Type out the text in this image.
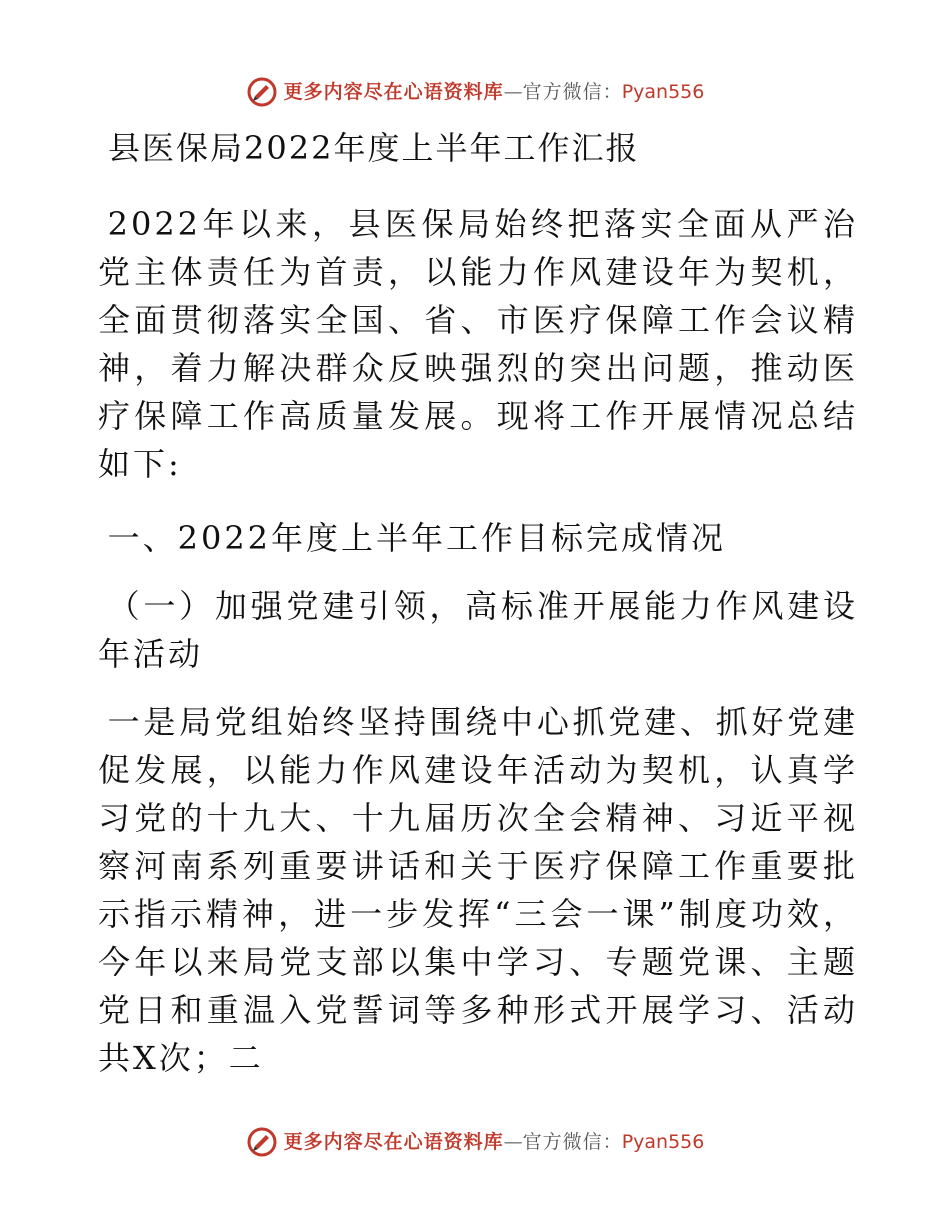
更多内容尽在心语资料库 — 官方微信 ： Pyan556
县医保局2022年度上半年工作汇报

2022年以来，县医保局始终把落实全面从严治党主体责任为首责，以能力作风建设年为契机，全面贯彻落实全国、省、市医疗保障工作会议精神，着力解决群众反映强烈的突出问题，推动医疗保障工作高质量发展。现将工作开展情况总结如下:

一、2022年度上半年工作目标完成情况

（一）加强党建引领，高标准开展能力作风建设年活动

一是局党组始终坚持围绕中心抓党建、抓好党建促发展，以能力作风建设年活动为契机，认真学习党的十九大、十九届历次全会精神、习近平视察河南系列重要讲话和关于医疗保障工作重要批示指示精神，进一步发挥“三会一课”制度功效，今年以来局党支部以集中学习、专题党课、主题党日和重温入党誓词等多种形式开展学习、活动共X次；二

更多内容尽在心语资料库 — 官方微信 ： Pyan556
